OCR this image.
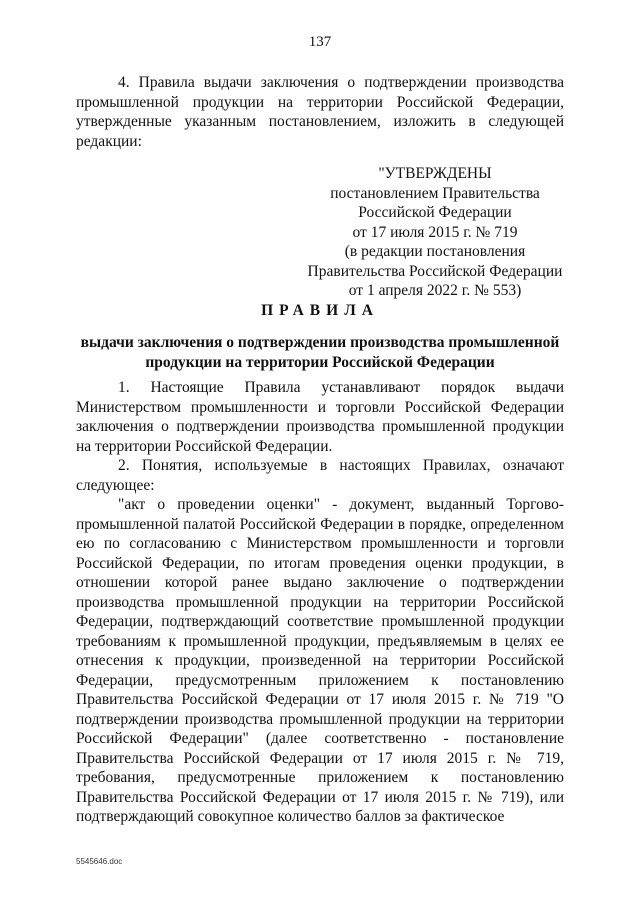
137
4. Правила выдачи заключения о подтверждении производства промышленной продукции на территории Российской Федерации, утвержденные указанным постановлением, изложить в следующей редакции:
"УТВЕРЖДЕНЫ
постановлением Правительства
Российской Федерации
от 17 июля 2015 г. № 719
(в редакции постановления
Правительства Российской Федерации
от 1 апреля 2022 г. № 553)
ПРАВИЛА
выдачи заключения о подтверждении производства промышленной продукции на территории Российской Федерации

1. Настоящие Правила устанавливают порядок выдачи Министерством промышленности и торговли Российской Федерации заключения о подтверждении производства промышленной продукции на территории Российской Федерации.

2. Понятия, используемые в настоящих Правилах, означают следующее:

"акт о проведении оценки" - документ, выданный Торгово-промышленной палатой Российской Федерации в порядке, определенном ею по согласованию с Министерством промышленности и торговли Российской Федерации, по итогам проведения оценки продукции, в отношении которой ранее выдано заключение о подтверждении производства промышленной продукции на территории Российской Федерации, подтверждающий соответствие промышленной продукции требованиям к промышленной продукции, предъявляемым в целях ее отнесения к продукции, произведенной на территории Российской Федерации, предусмотренным приложением к постановлению Правительства Российской Федерации от 17 июля 2015 г. № 719 "О подтверждении производства промышленной продукции на территории Российской Федерации" (далее соответственно - постановление Правительства Российской Федерации от 17 июля 2015 г. № 719, требования, предусмотренные приложением к постановлению Правительства Российской Федерации от 17 июля 2015 г. № 719), или подтверждающий совокупное количество баллов за фактическое

5545646.doc
